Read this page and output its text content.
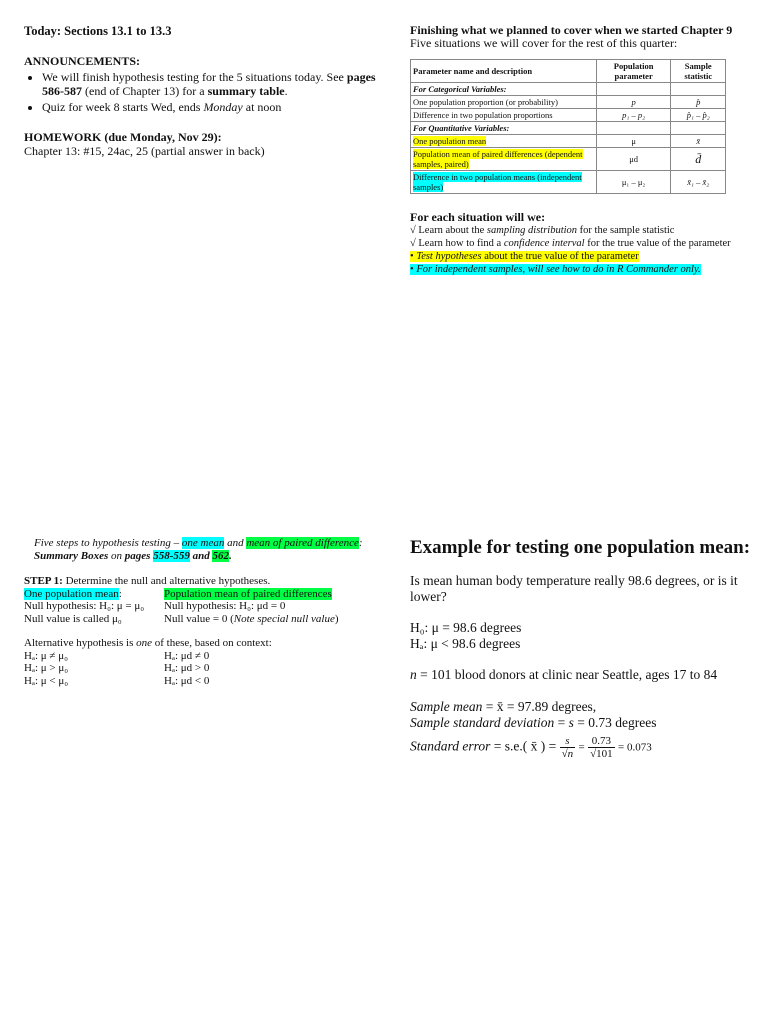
Today: Sections 13.1 to 13.3
ANNOUNCEMENTS:
• We will finish hypothesis testing for the 5 situations today. See pages 586-587 (end of Chapter 13) for a summary table.
• Quiz for week 8 starts Wed, ends Monday at noon
HOMEWORK (due Monday, Nov 29):
Chapter 13: #15, 24ac, 25 (partial answer in back)
Finishing what we planned to cover when we started Chapter 9
Five situations we will cover for the rest of this quarter:
Parameter name and description	Population parameter	Sample statistic
For Categorical Variables:		
One population proportion (or probability)	p	p̂
Difference in two population proportions	p₁ – p₂	p̂₁ – p̂₂
For Quantitative Variables:		
One population mean	μ	x̄
Population mean of paired differences (dependent samples, paired)	μd	d̄
Difference in two population means (independent samples)	μ₁ – μ₂	x̄₁ – x̄₂
For each situation will we:
√ Learn about the sampling distribution for the sample statistic
√ Learn how to find a confidence interval for the true value of the parameter
• Test hypotheses about the true value of the parameter
• For independent samples, will see how to do in R Commander only.
Five steps to hypothesis testing – one mean and mean of paired difference: Summary Boxes on pages 558-559 and 562.
STEP 1: Determine the null and alternative hypotheses.
One population mean:	Population mean of paired differences
Null hypothesis: H₀: μ = μ₀	Null hypothesis: H₀: μd = 0
Null value is called μ₀	Null value = 0 (Note special null value)
Alternative hypothesis is one of these, based on context:
Hₐ: μ ≠ μ₀	Hₐ: μd ≠ 0
Hₐ: μ > μ₀	Hₐ: μd > 0
Hₐ: μ < μ₀	Hₐ: μd < 0
Example for testing one population mean:
Is mean human body temperature really 98.6 degrees, or is it lower?
H₀: μ = 98.6 degrees
Hₐ: μ < 98.6 degrees
n = 101 blood donors at clinic near Seattle, ages 17 to 84
Sample mean = x̄ = 97.89 degrees,
Sample standard deviation = s = 0.73 degrees
Standard error = s.e.( x̄ ) = $\frac{s}{√n} = \frac{0.73}{√101} = 0.073$
